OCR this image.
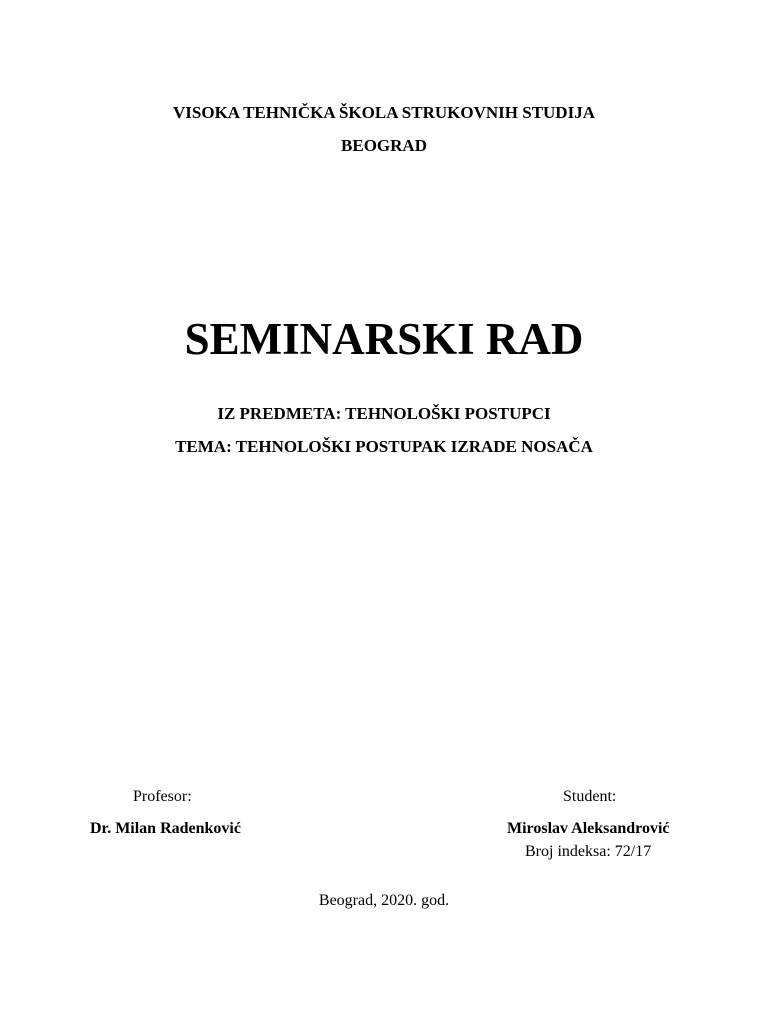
VISOKA TEHNIČKA ŠKOLA STRUKOVNIH STUDIJA
BEOGRAD
SEMINARSKI RAD
IZ PREDMETA: TEHNOLOŠKI POSTUPCI
TEMA: TEHNOLOŠKI POSTUPAK IZRADE NOSAČA
Profesor:
Dr. Milan Radenković
Student:
Miroslav Aleksandrović
Broj indeksa: 72/17
Beograd, 2020. god.
